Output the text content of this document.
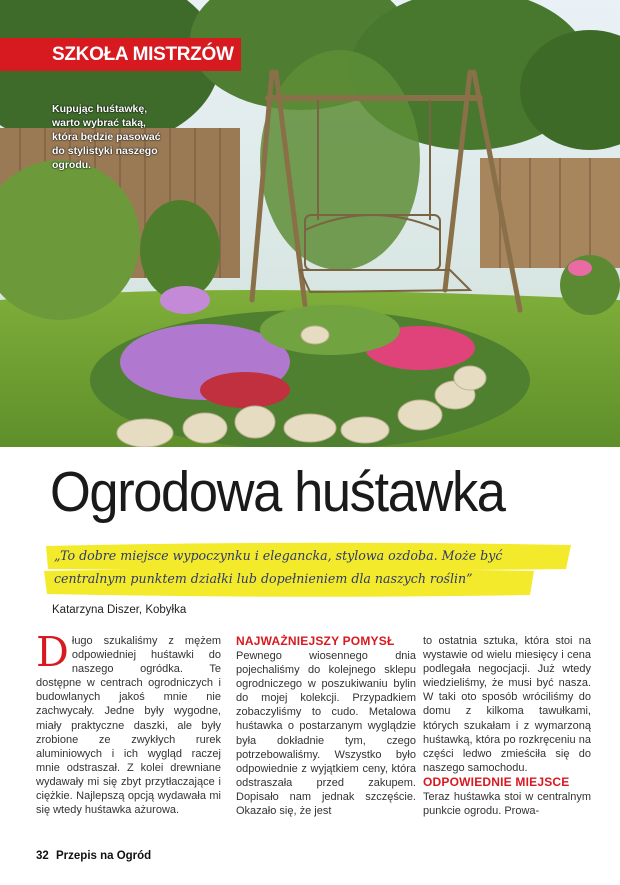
SZKOŁA MISTRZÓW
Kupując huśtawkę, warto wybrać taką, która będzie pasować do stylistyki naszego ogrodu.
Ogrodowa huśtawka
„To dobre miejsce wypoczynku i elegancka, stylowa ozdoba. Może być centralnym punktem działki lub dopełnieniem dla naszych roślin”
Katarzyna Diszer, Kobyłka
Długo szukaliśmy z mężem odpowiedniej huśtawki do naszego ogródka. Te dostępne w centrach ogrodniczych i budowlanych jakoś mnie nie zachwycały. Jedne były wygodne, miały praktyczne daszki, ale były zrobione ze zwykłych rurek aluminiowych i ich wygląd raczej mnie odstraszał. Z kolei drewniane wydawały mi się zbyt przytłaczające i ciężkie. Najlepszą opcją wydawała mi się wtedy huśtawka ażurowa.
NAJWAŻNIEJSZY POMYSŁ
Pewnego wiosennego dnia pojechaliśmy do kolejnego sklepu ogrodniczego w poszukiwaniu bylin do mojej kolekcji. Przypadkiem zobaczyliśmy to cudo. Metalowa huśtawka o postarzanym wyglądzie była dokładnie tym, czego potrzebowaliśmy. Wszystko było odpowiednie z wyjątkiem ceny, która odstraszała przed zakupem. Dopisało nam jednak szczęście. Okazało się, że jest
to ostatnia sztuka, która stoi na wystawie od wielu miesięcy i cena podlegała negocjacji. Już wtedy wiedzieliśmy, że musi być nasza. W taki oto sposób wróciliśmy do domu z kilkoma tawułkami, których szukałam i z wymarzoną huśtawką, która po rozkręceniu na części ledwo zmieściła się do naszego samochodu.
ODPOWIEDNIE MIEJSCE
Teraz huśtawka stoi w centralnym punkcie ogrodu. Prowa-
32 Przepis na Ogród
